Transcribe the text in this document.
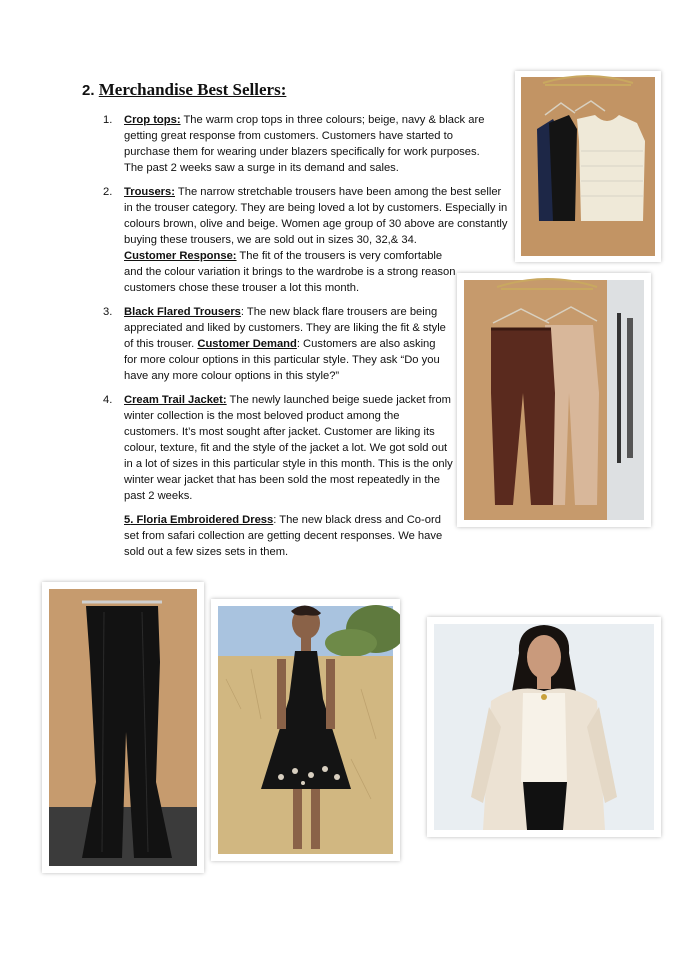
2. Merchandise Best Sellers:
1. Crop tops: The warm crop tops in three colours; beige, navy & black are getting great response from customers. Customers have started to purchase them for wearing under blazers specifically for work purposes. The past 2 weeks saw a surge in its demand and sales.
2. Trousers: The narrow stretchable trousers have been among the best seller in the trouser category. They are being loved a lot by customers. Especially in colours brown, olive and beige. Women age group of 30 above are constantly buying these trousers, we are sold out in sizes 30, 32,& 34.
Customer Response: The fit of the trousers is very comfortable and the colour variation it brings to the wardrobe is a strong reason customers chose these trouser a lot this month.
3. Black Flared Trousers: The new black flare trousers are being appreciated and liked by customers. They are liking the fit & style of this trouser. Customer Demand: Customers are also asking for more colour options in this particular style. They ask “Do you have any more colour options in this style?”
4. Cream Trail Jacket: The newly launched beige suede jacket from winter collection is the most beloved product among the customers. It’s most sought after jacket. Customer are liking its colour, texture, fit and the style of the jacket a lot. We got sold out in a lot of sizes in this particular style in this month. This is the only winter wear jacket that has been sold the most repeatedly in the past 2 weeks.
5. Floria Embroidered Dress: The new black dress and Co-ord set from safari collection are getting decent responses. We have sold out a few sizes sets in them.
